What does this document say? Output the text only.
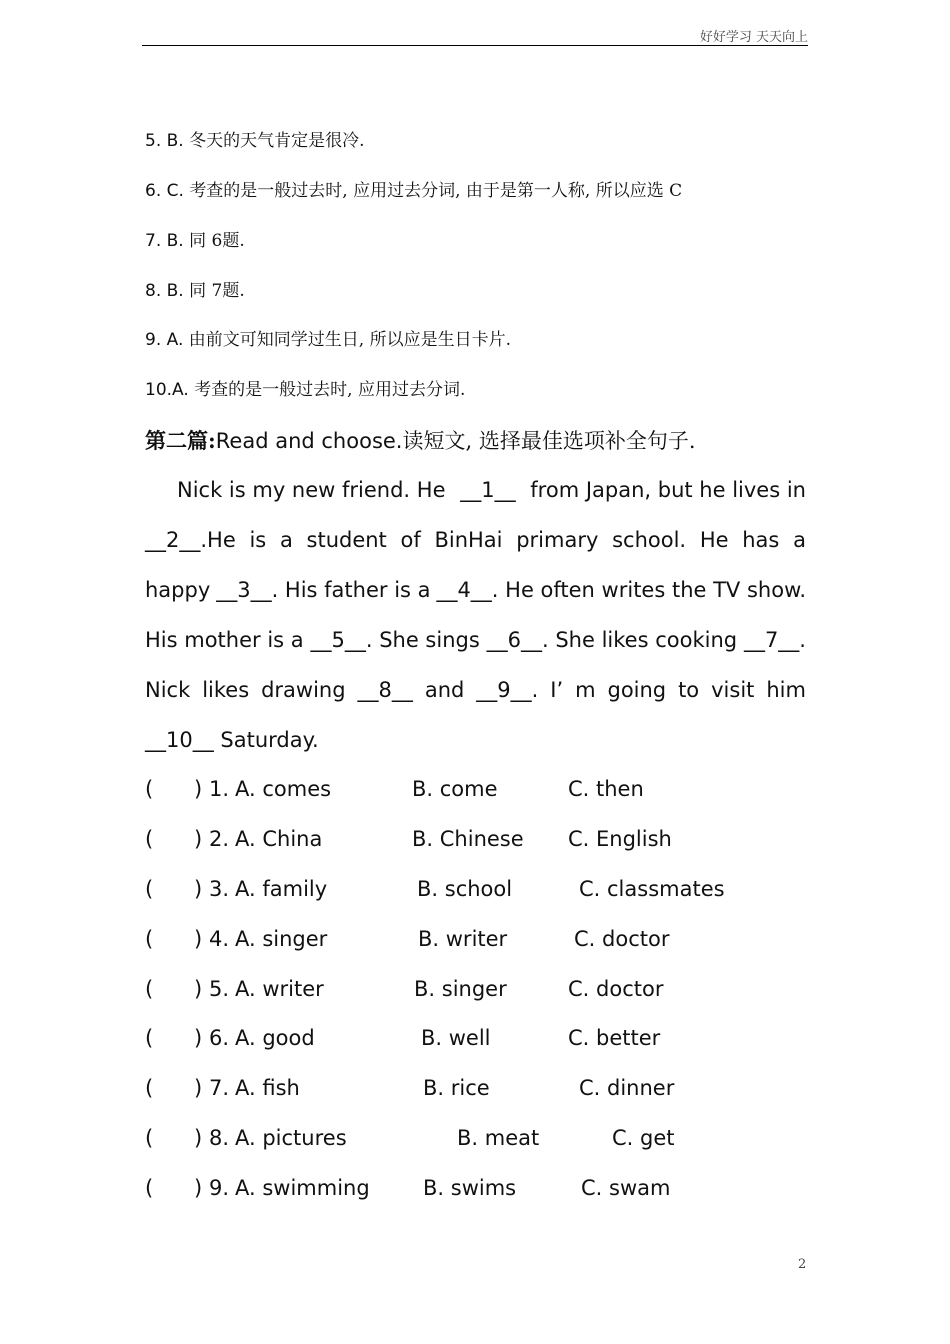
好好学习 天天向上
5. B. 冬天的天气肯定是很冷.
6. C. 考查的是一般过去时, 应用过去分词, 由于是第一人称, 所以应选 C
7. B. 同 6题.
8. B. 同 7题.
9. A. 由前文可知同学过生日, 所以应是生日卡片.
10.A. 考查的是一般过去时, 应用过去分词.
第二篇:Read and choose.读短文, 选择最佳选项补全句子.
Nick is my new friend. He __1__ from Japan, but he lives in
__2__.He is a student of BinHai primary school. He has a
happy __3__. His father is a __4__. He often writes the TV show.
His mother is a __5__. She sings __6__. She likes cooking __7__.
Nick likes drawing __8__ and __9__. I’ m going to visit him
__10__ Saturday.
( ) 1. A. comes	B. come	C. then
( ) 2. A. China	B. Chinese C. English
( ) 3. A. family	B. school	C. classmates
( ) 4. A. singer	B. writer	C. doctor
( ) 5. A. writer	B. singer	C. doctor
( ) 6. A. good	B. well	C. better
( ) 7. A. fish	B. rice	C. dinner
( ) 8. A. pictures	B. meat	C. get
( ) 9. A. swimming	B. swims	C. swam
2
